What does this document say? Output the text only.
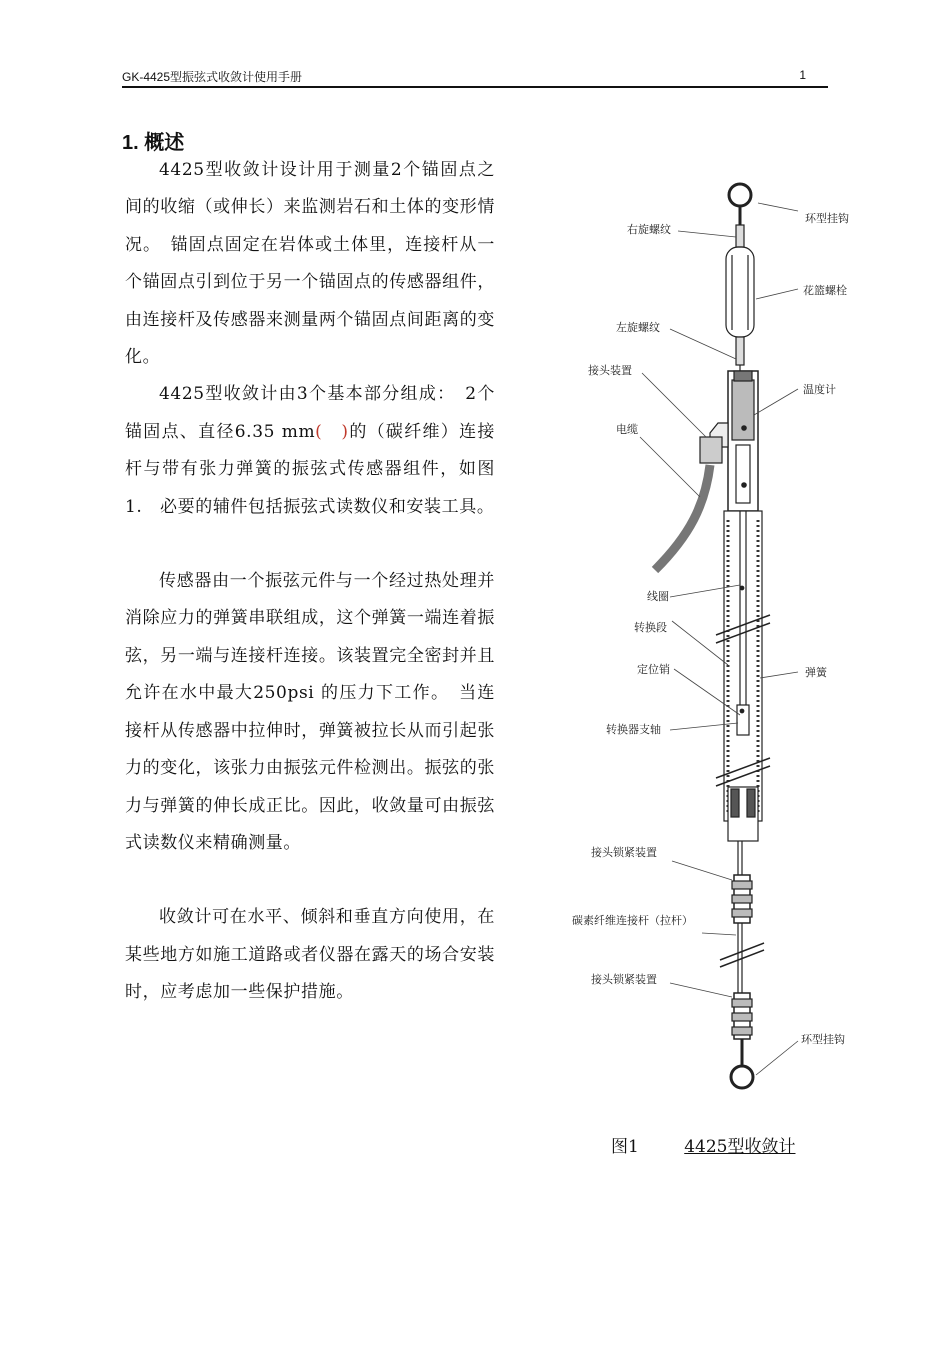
GK-4425型振弦式收敛计使用手册	1
1. 概述

4425型收敛计设计用于测量2个锚固点之间的收缩（或伸长）来监测岩石和土体的变形情况。　锚固点固定在岩体或土体里，连接杆从一个锚固点引到位于另一个锚固点的传感器组件，由连接杆及传感器来测量两个锚固点间距离的变化。

4425型收敛计由3个基本部分组成：　2个锚固点、直径6.35 mm(　)的（碳纤维）连接杆与带有张力弹簧的振弦式传感器组件，如图　1.　必要的辅件包括振弦式读数仪和安装工具。

传感器由一个振弦元件与一个经过热处理并消除应力的弹簧串联组成，这个弹簧一端连着振弦，另一端与连接杆连接。该装置完全密封并且允许在水中最大250psi 的压力下工作。　当连接杆从传感器中拉伸时，弹簧被拉长从而引起张力的变化，该张力由振弦元件检测出。振弦的张力与弹簧的伸长成正比。因此，收敛量可由振弦式读数仪来精确测量。

收敛计可在水平、倾斜和垂直方向使用，在某些地方如施工道路或者仪器在露天的场合安装时，应考虑加一些保护措施。

环型挂钩
右旋螺纹
花篮螺栓
左旋螺纹
接头装置
温度计
电缆
线圈
转换段
定位销	弹簧
转换器支轴
接头锁紧装置
碳素纤维连接杆（拉杆）
接头锁紧装置
环型挂钩
图1	4425型收敛计
